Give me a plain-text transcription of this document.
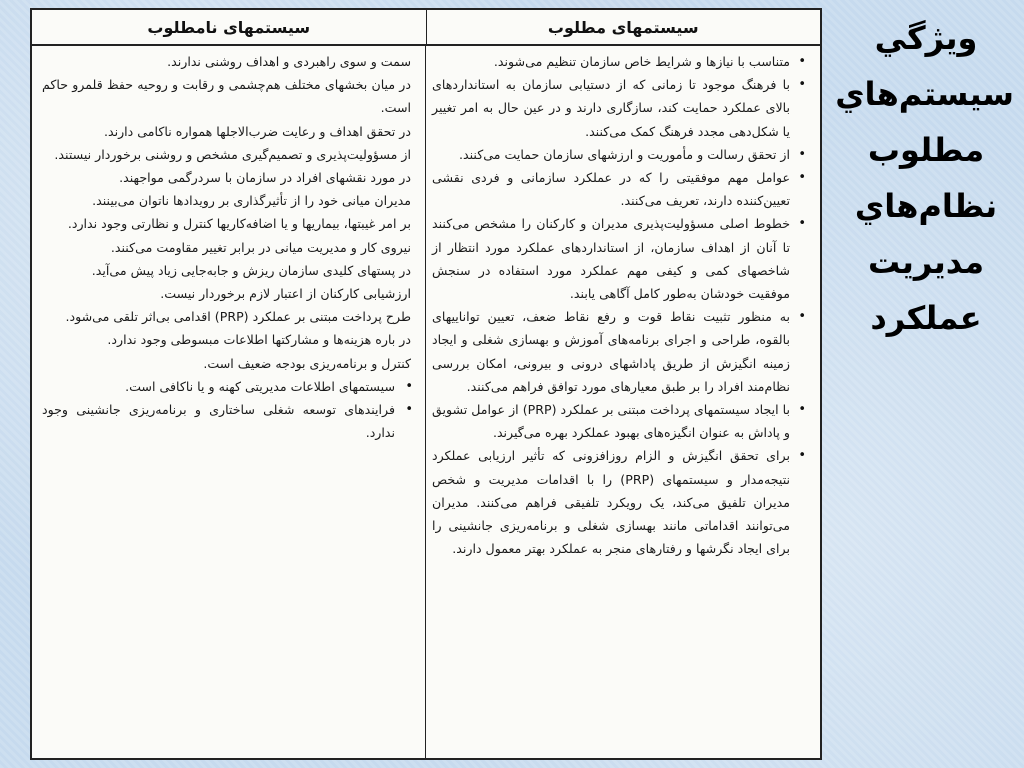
سیستمهای مطلوب
سیستمهای نامطلوب

• متناسب با نیازها و شرایط خاص سازمان تنظیم می‌شوند.

• با فرهنگ موجود تا زمانی که از دستیابی سازمان به استانداردهای بالای عملکرد حمایت کند، سازگاری دارند و در عین حال به امر تغییر یا شکل‌دهی مجدد فرهنگ کمک می‌کنند.

• از تحقق رسالت و مأموریت و ارزشهای سازمان حمایت می‌کنند.

• عوامل مهم موفقیتی را که در عملکرد سازمانی و فردی نقشی تعیین‌کننده دارند، تعریف می‌کنند.

• خطوط اصلی مسؤولیت‌پذیری مدیران و کارکنان را مشخص می‌کنند تا آنان از اهداف سازمان، از استانداردهای عملکرد مورد انتظار از شاخصهای کمی و کیفی مهم عملکرد مورد استفاده در سنجش موفقیت خودشان به‌طور کامل آگاهی یابند.

• به منظور تثبیت نقاط قوت و رفع نقاط ضعف، تعیین تواناییهای بالقوه، طراحی و اجرای برنامه‌های آموزش و بهسازی شغلی و ایجاد زمینه انگیزش از طریق پاداشهای درونی و بیرونی، امکان بررسی نظام‌مند افراد را بر طبق معیارهای مورد توافق فراهم می‌کنند.

• با ایجاد سیستمهای پرداخت مبتنی بر عملکرد (PRP) از عوامل تشویق و پاداش به عنوان انگیزه‌های بهبود عملکرد بهره می‌گیرند.

• برای تحقق انگیزش و الزام روزافزونی که تأثیر ارزیابی عملکرد نتیجه‌مدار و سیستمهای (PRP) را با اقدامات مدیریت و شخص مدیران تلفیق می‌کند، یک رویکرد تلفیقی فراهم می‌کنند. مدیران می‌توانند اقداماتی مانند بهسازی شغلی و برنامه‌ریزی جانشینی را برای ایجاد نگرشها و رفتارهای منجر به عملکرد بهتر معمول دارند.

سمت و سوی راهبردی و اهداف روشنی ندارند.

در میان بخشهای مختلف هم‌چشمی و رقابت و روحیه حفظ قلمرو حاکم است.

در تحقق اهداف و رعایت ضرب‌الاجلها همواره ناکامی دارند.

از مسؤولیت‌پذیری و تصمیم‌گیری مشخص و روشنی برخوردار نیستند.

در مورد نقشهای افراد در سازمان با سردرگمی مواجهند.

مدیران میانی خود را از تأثیرگذاری بر رویدادها ناتوان می‌بینند.

بر امر غیبتها، بیماریها و یا اضافه‌کاریها کنترل و نظارتی وجود ندارد.

نیروی کار و مدیریت میانی در برابر تغییر مقاومت می‌کنند.

در پستهای کلیدی سازمان ریزش و جابه‌جایی زیاد پیش می‌آید.

ارزشیابی کارکنان از اعتبار لازم برخوردار نیست.

طرح پرداخت مبتنی بر عملکرد (PRP) اقدامی بی‌اثر تلقی می‌شود.

در باره هزینه‌ها و مشارکتها اطلاعات مبسوطی وجود ندارد.

کنترل و برنامه‌ریزی بودجه ضعیف است.

• سیستمهای اطلاعات مدیریتی کهنه و یا ناکافی است.

• فرایندهای توسعه شغلی ساختاری و برنامه‌ریزی جانشینی وجود ندارد.

ويژگي
سيستم‌هاي
مطلوب
نظام‌هاي
مديريت
عملکرد
